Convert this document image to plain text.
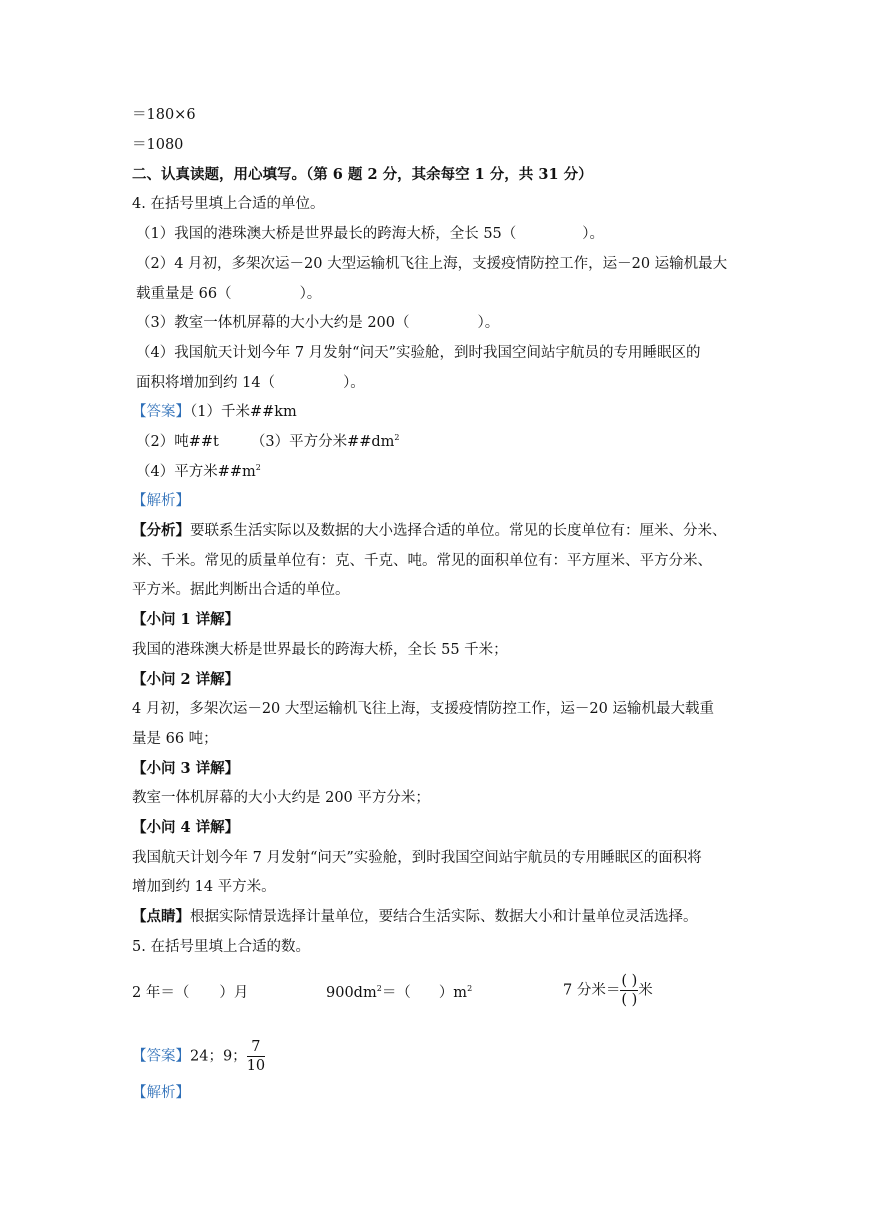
＝180×6
＝1080
二、认真读题，用心填写。（第 6 题 2 分，其余每空 1 分，共 31 分）
4. 在括号里填上合适的单位。
（1）我国的港珠澳大桥是世界最长的跨海大桥，全长 55（	）。
（2）4 月初，多架次运－20 大型运输机飞往上海，支援疫情防控工作，运－20 运输机最大
载重量是 66（	）。
（3）教室一体机屏幕的大小大约是 200（	）。
（4）我国航天计划今年 7 月发射“问天”实验舱，到时我国空间站宇航员的专用睡眠区的
面积将增加到约 14（	）。
【答案】（1）千米##km
（2）吨##t （3）平方分米$\#\#dm^2$
（4）平方米$\#\#m^2$
【解析】
【分析】要联系生活实际以及数据的大小选择合适的单位。常见的长度单位有：厘米、分米、
米、千米。常见的质量单位有：克、千克、吨。常见的面积单位有：平方厘米、平方分米、
平方米。据此判断出合适的单位。
【小问 1 详解】
我国的港珠澳大桥是世界最长的跨海大桥，全长 55 千米；
【小问 2 详解】
4 月初，多架次运－20 大型运输机飞往上海，支援疫情防控工作，运－20 运输机最大载重
量是 66 吨；
【小问 3 详解】
教室一体机屏幕的大小大约是 200 平方分米；
【小问 4 详解】
我国航天计划今年 7 月发射“问天”实验舱，到时我国空间站宇航员的专用睡眠区的面积将
增加到约 14 平方米。
【点睛】根据实际情景选择计量单位，要结合生活实际、数据大小和计量单位灵活选择。
5. 在括号里填上合适的数。
2 年＝（ ）月	$900dm^2=$（ ）$m^2$	7 分米＝ $\frac{( )}{( )}$ 米
【答案】24；9； $\frac{7}{10}$
【解析】
